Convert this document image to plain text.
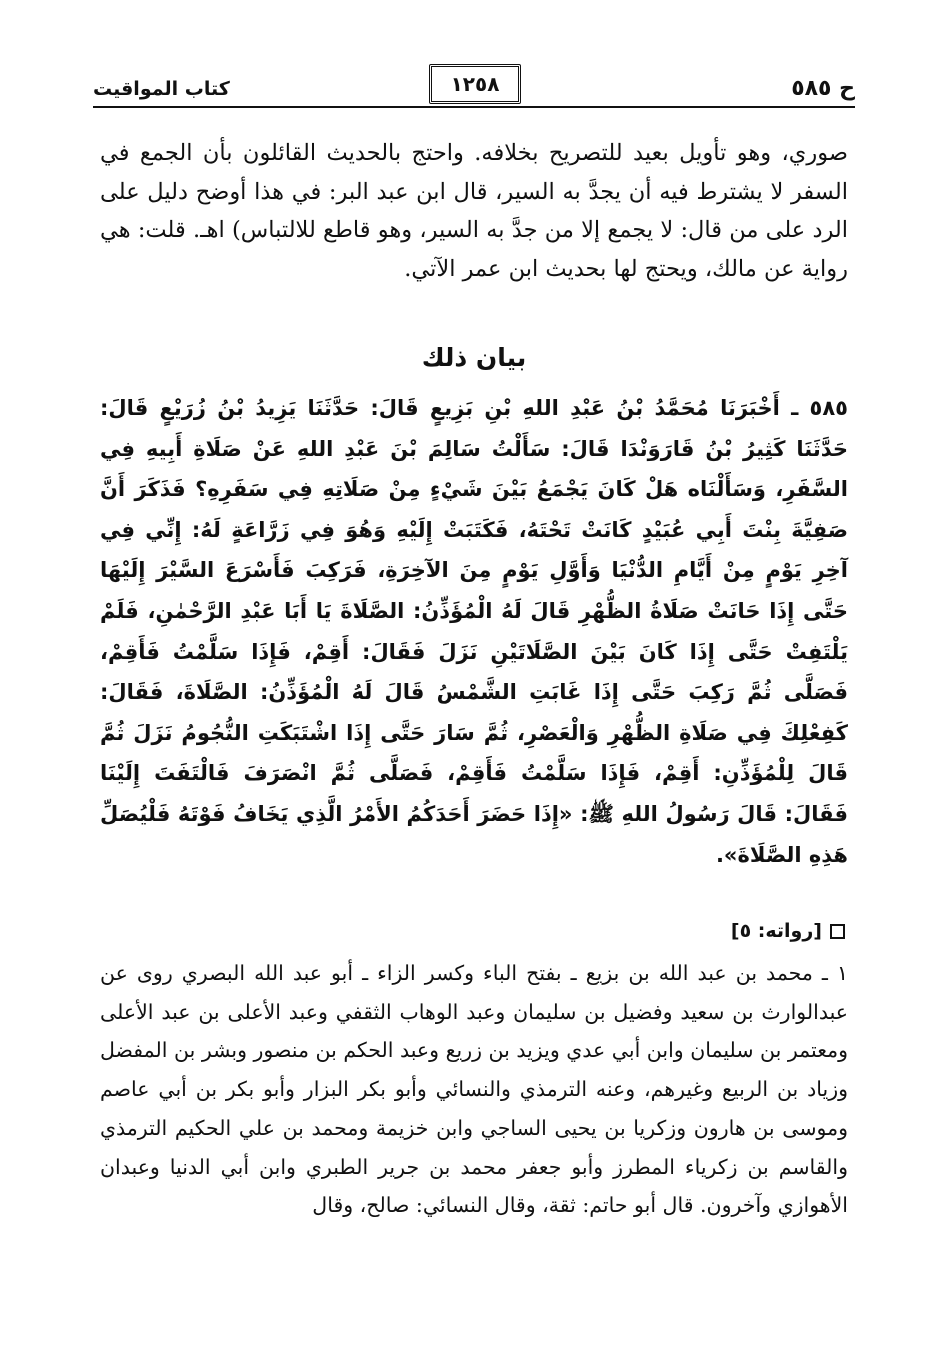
ح ٥٨٥
١٢٥٨
كتاب المواقيت

صوري، وهو تأويل بعيد للتصريح بخلافه. واحتج بالحديث القائلون بأن الجمع في السفر لا يشترط فيه أن يجدَّ به السير، قال ابن عبد البر: في هذا أوضح دليل على الرد على من قال: لا يجمع إلا من جدَّ به السير، وهو قاطع للالتباس) اهـ. قلت: هي رواية عن مالك، ويحتج لها بحديث ابن عمر الآتي.

بيان ذلك

٥٨٥ ـ أَخْبَرَنَا مُحَمَّدُ بْنُ عَبْدِ اللهِ بْنِ بَزِيعٍ قَالَ: حَدَّثَنَا يَزِيدُ بْنُ زُرَيْعٍ قَالَ: حَدَّثَنَا كَثِيرُ بْنُ قَارَوَنْدَا قَالَ: سَأَلْتُ سَالِمَ بْنَ عَبْدِ اللهِ عَنْ صَلَاةِ أَبِيهِ فِي السَّفَرِ، وَسَأَلْنَاه هَلْ كَانَ يَجْمَعُ بَيْنَ شَيْءٍ مِنْ صَلَاتِهِ فِي سَفَرِهِ؟ فَذَكَرَ أَنَّ صَفِيَّةَ بِنْتَ أَبِي عُبَيْدٍ كَانَتْ تَحْتَهُ، فَكَتَبَتْ إِلَيْهِ وَهُوَ فِي زَرَّاعَةٍ لَهُ: إِنِّي فِي آخِرِ يَوْمٍ مِنْ أَيَّامِ الدُّنْيَا وَأَوَّلِ يَوْمٍ مِنَ الآخِرَةِ، فَرَكِبَ فَأَسْرَعَ السَّيْرَ إِلَيْهَا حَتَّى إِذَا حَانَتْ صَلَاةُ الظُّهْرِ قَالَ لَهُ الْمُؤَذِّنُ: الصَّلَاةَ يَا أَبَا عَبْدِ الرَّحْمٰنِ، فَلَمْ يَلْتَفِتْ حَتَّى إِذَا كَانَ بَيْنَ الصَّلَاتَيْنِ نَزَلَ فَقَالَ: أَقِمْ، فَإِذَا سَلَّمْتُ فَأَقِمْ، فَصَلَّى ثُمَّ رَكِبَ حَتَّى إِذَا غَابَتِ الشَّمْسُ قَالَ لَهُ الْمُؤَذِّنُ: الصَّلَاةَ، فَقَالَ: كَفِعْلِكَ فِي صَلَاةِ الظُّهْرِ وَالْعَصْرِ، ثُمَّ سَارَ حَتَّى إِذَا اشْتَبَكَتِ النُّجُومُ نَزَلَ ثُمَّ قَالَ لِلْمُؤَذِّنِ: أَقِمْ، فَإِذَا سَلَّمْتُ فَأَقِمْ، فَصَلَّى ثُمَّ انْصَرَفَ فَالْتَفَتَ إِلَيْنَا فَقَالَ: قَالَ رَسُولُ اللهِ ﷺ: «إِذَا حَضَرَ أَحَدَكُمُ الأَمْرُ الَّذِي يَخَافُ فَوْتَهُ فَلْيُصَلِّ هَذِهِ الصَّلَاةَ».

[رواته: ٥]

١ ـ محمد بن عبد الله بن بزيع ـ بفتح الباء وكسر الزاء ـ أبو عبد الله البصري روى عن عبدالوارث بن سعيد وفضيل بن سليمان وعبد الوهاب الثقفي وعبد الأعلى بن عبد الأعلى ومعتمر بن سليمان وابن أبي عدي ويزيد بن زريع وعبد الحكم بن منصور وبشر بن المفضل وزياد بن الربيع وغيرهم، وعنه الترمذي والنسائي وأبو بكر البزار وأبو بكر بن أبي عاصم وموسى بن هارون وزكريا بن يحيى الساجي وابن خزيمة ومحمد بن علي الحكيم الترمذي والقاسم بن زكرياء المطرز وأبو جعفر محمد بن جرير الطبري وابن أبي الدنيا وعبدان الأهوازي وآخرون. قال أبو حاتم: ثقة، وقال النسائي: صالح، وقال
